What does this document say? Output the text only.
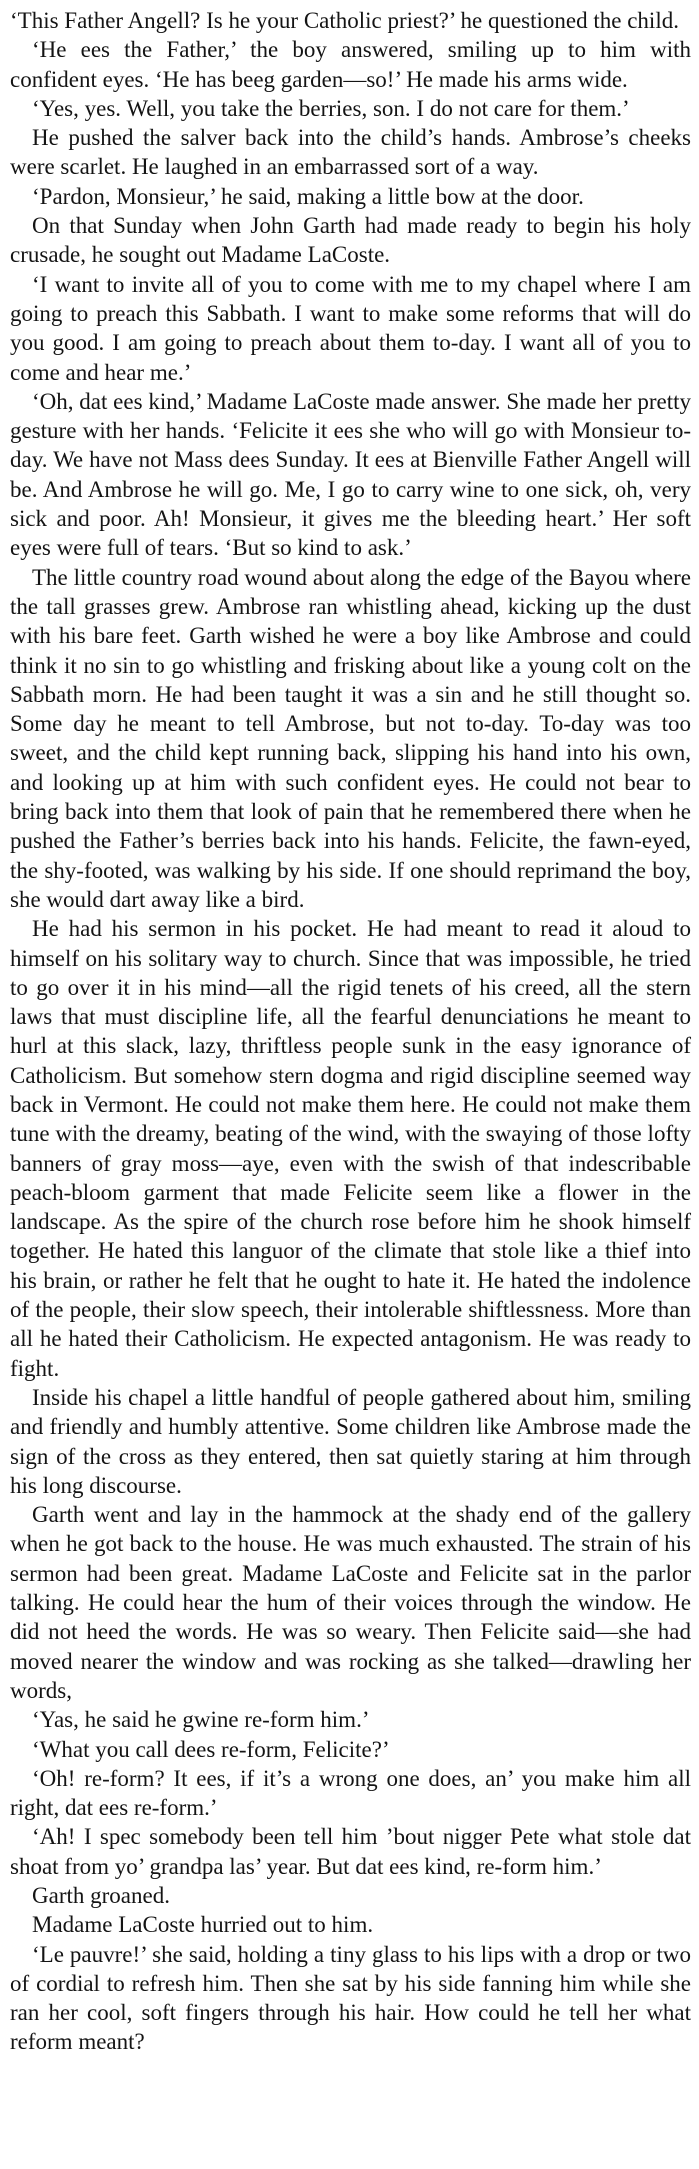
‘This Father Angell? Is he your Catholic priest?’ he questioned the child.

‘He ees the Father,’ the boy answered, smiling up to him with confident eyes. ‘He has beeg garden—so!’ He made his arms wide.

‘Yes, yes. Well, you take the berries, son. I do not care for them.’

He pushed the salver back into the child’s hands. Ambrose’s cheeks were scarlet. He laughed in an embarrassed sort of a way.

‘Pardon, Monsieur,’ he said, making a little bow at the door.

On that Sunday when John Garth had made ready to begin his holy crusade, he sought out Madame LaCoste.

‘I want to invite all of you to come with me to my chapel where I am going to preach this Sabbath. I want to make some reforms that will do you good. I am going to preach about them to-day. I want all of you to come and hear me.’

‘Oh, dat ees kind,’ Madame LaCoste made answer. She made her pretty gesture with her hands. ‘Felicite it ees she who will go with Monsieur to-day. We have not Mass dees Sunday. It ees at Bienville Father Angell will be. And Ambrose he will go. Me, I go to carry wine to one sick, oh, very sick and poor. Ah! Monsieur, it gives me the bleeding heart.’ Her soft eyes were full of tears. ‘But so kind to ask.’

The little country road wound about along the edge of the Bayou where the tall grasses grew. Ambrose ran whistling ahead, kicking up the dust with his bare feet. Garth wished he were a boy like Ambrose and could think it no sin to go whistling and frisking about like a young colt on the Sabbath morn. He had been taught it was a sin and he still thought so. Some day he meant to tell Ambrose, but not to-day. To-day was too sweet, and the child kept running back, slipping his hand into his own, and looking up at him with such confident eyes. He could not bear to bring back into them that look of pain that he remembered there when he pushed the Father’s berries back into his hands. Felicite, the fawn-eyed, the shy-footed, was walking by his side. If one should reprimand the boy, she would dart away like a bird.

He had his sermon in his pocket. He had meant to read it aloud to himself on his solitary way to church. Since that was impossible, he tried to go over it in his mind—all the rigid tenets of his creed, all the stern laws that must discipline life, all the fearful denunciations he meant to hurl at this slack, lazy, thriftless people sunk in the easy ignorance of Catholicism. But somehow stern dogma and rigid discipline seemed way back in Vermont. He could not make them here. He could not make them tune with the dreamy, beating of the wind, with the swaying of those lofty banners of gray moss—aye, even with the swish of that indescribable peach-bloom garment that made Felicite seem like a flower in the landscape. As the spire of the church rose before him he shook himself together. He hated this languor of the climate that stole like a thief into his brain, or rather he felt that he ought to hate it. He hated the indolence of the people, their slow speech, their intolerable shiftlessness. More than all he hated their Catholicism. He expected antagonism. He was ready to fight.

Inside his chapel a little handful of people gathered about him, smiling and friendly and humbly attentive. Some children like Ambrose made the sign of the cross as they entered, then sat quietly staring at him through his long discourse.

Garth went and lay in the hammock at the shady end of the gallery when he got back to the house. He was much exhausted. The strain of his sermon had been great. Madame LaCoste and Felicite sat in the parlor talking. He could hear the hum of their voices through the window. He did not heed the words. He was so weary. Then Felicite said—she had moved nearer the window and was rocking as she talked—drawling her words,

‘Yas, he said he gwine re-form him.’

‘What you call dees re-form, Felicite?’

‘Oh! re-form? It ees, if it’s a wrong one does, an’ you make him all right, dat ees re-form.’

‘Ah! I spec somebody been tell him ’bout nigger Pete what stole dat shoat from yo’ grandpa las’ year. But dat ees kind, re-form him.’

Garth groaned.

Madame LaCoste hurried out to him.

‘Le pauvre!’ she said, holding a tiny glass to his lips with a drop or two of cordial to refresh him. Then she sat by his side fanning him while she ran her cool, soft fingers through his hair. How could he tell her what reform meant?
